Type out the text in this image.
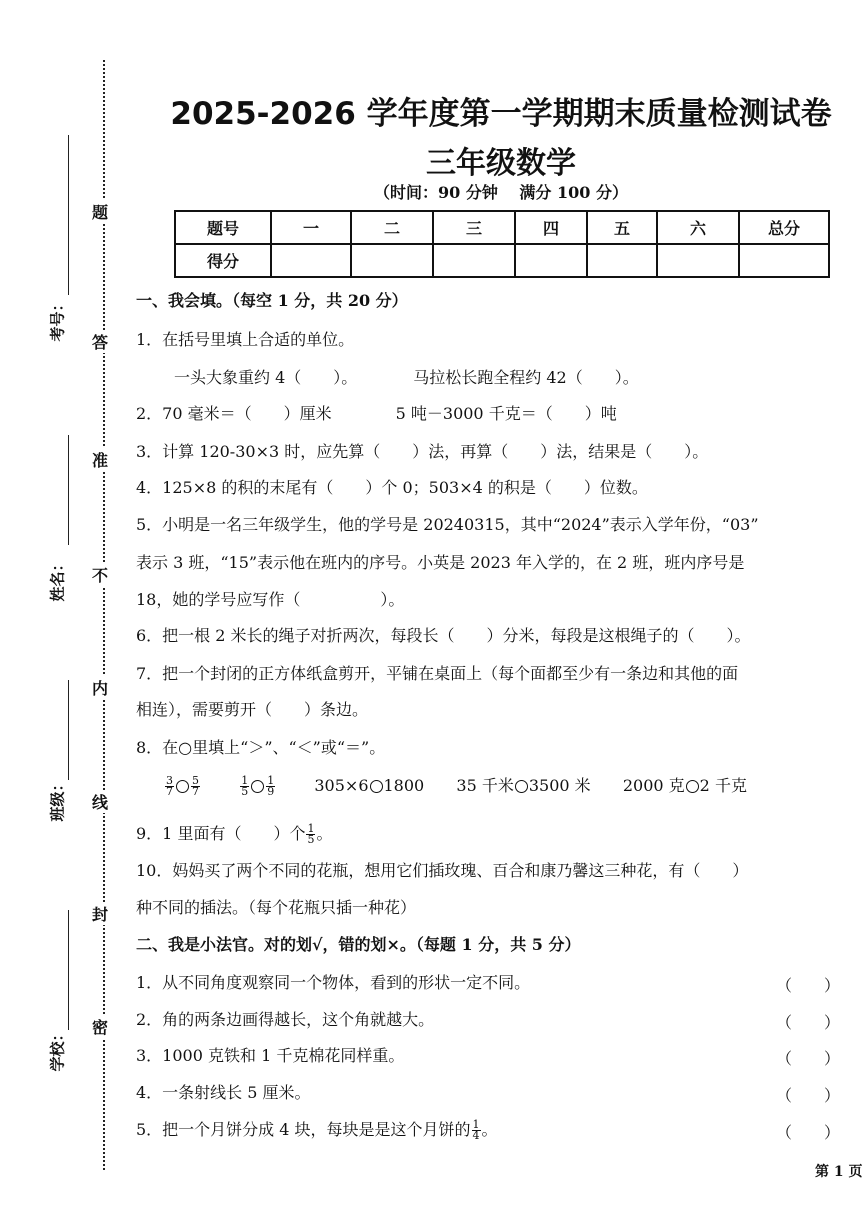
题
答
准
不
内
线
封
密
考号：
姓名：
班级：
学校：
2025-2026 学年度第一学期期末质量检测试卷
三年级数学
（时间：90 分钟　 满分 100 分）
题号	一	二	三	四	五	六	总分
得分							
一、我会填。（每空 1 分，共 20 分）
1．在括号里填上合适的单位。
一头大象重约 4（　　）。　　　　马拉松长跑全程约 42（　　）。
2．70 毫米＝（　　）厘米　　　　5 吨－3000 千克＝（　　）吨
3．计算 120-30×3 时，应先算（　　）法，再算（　　）法，结果是（　　）。
4．125×8 的积的末尾有（　　）个 0；503×4 的积是（　　）位数。
5．小明是一名三年级学生，他的学号是 20240315，其中“2024”表示入学年份，“03”
表示 3 班，“15”表示他在班内的序号。小英是 2023 年入学的，在 2 班，班内序号是
18，她的学号应写作（　　　　　）。
6．把一根 2 米长的绳子对折两次，每段长（　　）分米，每段是这根绳子的（　　）。
7．把一个封闭的正方体纸盒剪开，平铺在桌面上（每个面都至少有一条边和其他的面
相连），需要剪开（　　）条边。
8．在○里填上“＞”、“＜”或“＝”。
$\frac{3}{7} \frac{5}{7}$
	$\frac{1}{5} \frac{1}{9} 305\times 6$ 1800 35 千米 3500 米 2000 克 2 千克
9．1 里面有（　　）个 $\frac{1}{5}$ 。
10．妈妈买了两个不同的花瓶，想用它们插玫瑰、百合和康乃馨这三种花，有（　　）
种不同的插法。（每个花瓶只插一种花）
二、我是小法官。对的划√，错的划×。（每题 1 分，共 5 分）
1．从不同角度观察同一个物体，看到的形状一定不同。	（　　）
2．角的两条边画得越长，这个角就越大。	（　　）
3．1000 克铁和 1 千克棉花同样重。	（　　）
4．一条射线长 5 厘米。	（　　）
5．把一个月饼分成 4 块，每块是是这个月饼的 $\frac{1}{4}$ 。	（　　）
第 1 页
